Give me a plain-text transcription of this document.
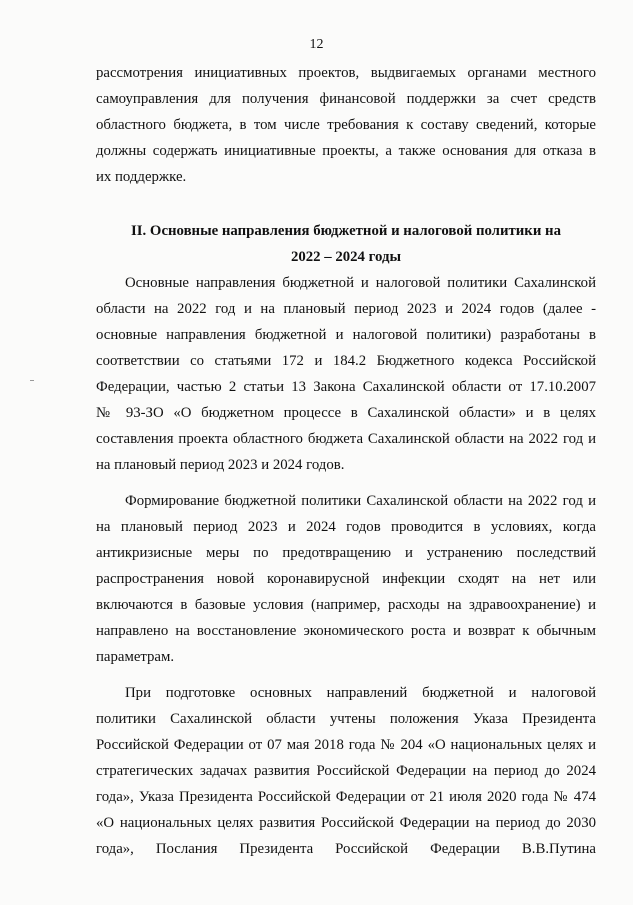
12

рассмотрения инициативных проектов, выдвигаемых органами местного
самоуправления для получения финансовой поддержки за счет средств
областного бюджета, в том числе требования к составу сведений, которые
должны содержать инициативные проекты, а также основания для отказа в
их поддержке.

II. Основные направления бюджетной и налоговой политики на
2022 – 2024 годы

Основные направления бюджетной и налоговой политики Сахалинской
области на 2022 год и на плановый период 2023 и 2024 годов (далее -
основные направления бюджетной и налоговой политики) разработаны в
соответствии со статьями 172 и 184.2 Бюджетного кодекса Российской
Федерации, частью 2 статьи 13 Закона Сахалинской области от 17.10.2007
№ 93-ЗО «О бюджетном процессе в Сахалинской области» и в целях
составления проекта областного бюджета Сахалинской области на 2022 год и
на плановый период 2023 и 2024 годов.

Формирование бюджетной политики Сахалинской области на 2022 год и
на плановый период 2023 и 2024 годов проводится в условиях, когда
антикризисные меры по предотвращению и устранению последствий
распространения новой коронавирусной инфекции сходят на нет или
включаются в базовые условия (например, расходы на здравоохранение) и
направлено на восстановление экономического роста и возврат к обычным
параметрам.

При подготовке основных направлений бюджетной и налоговой
политики Сахалинской области учтены положения Указа Президента
Российской Федерации от 07 мая 2018 года № 204 «О национальных целях и
стратегических задачах развития Российской Федерации на период до 2024
года», Указа Президента Российской Федерации от 21 июля 2020 года № 474
«О национальных целях развития Российской Федерации на период до 2030
года», Послания Президента Российской Федерации В.В.Путина
